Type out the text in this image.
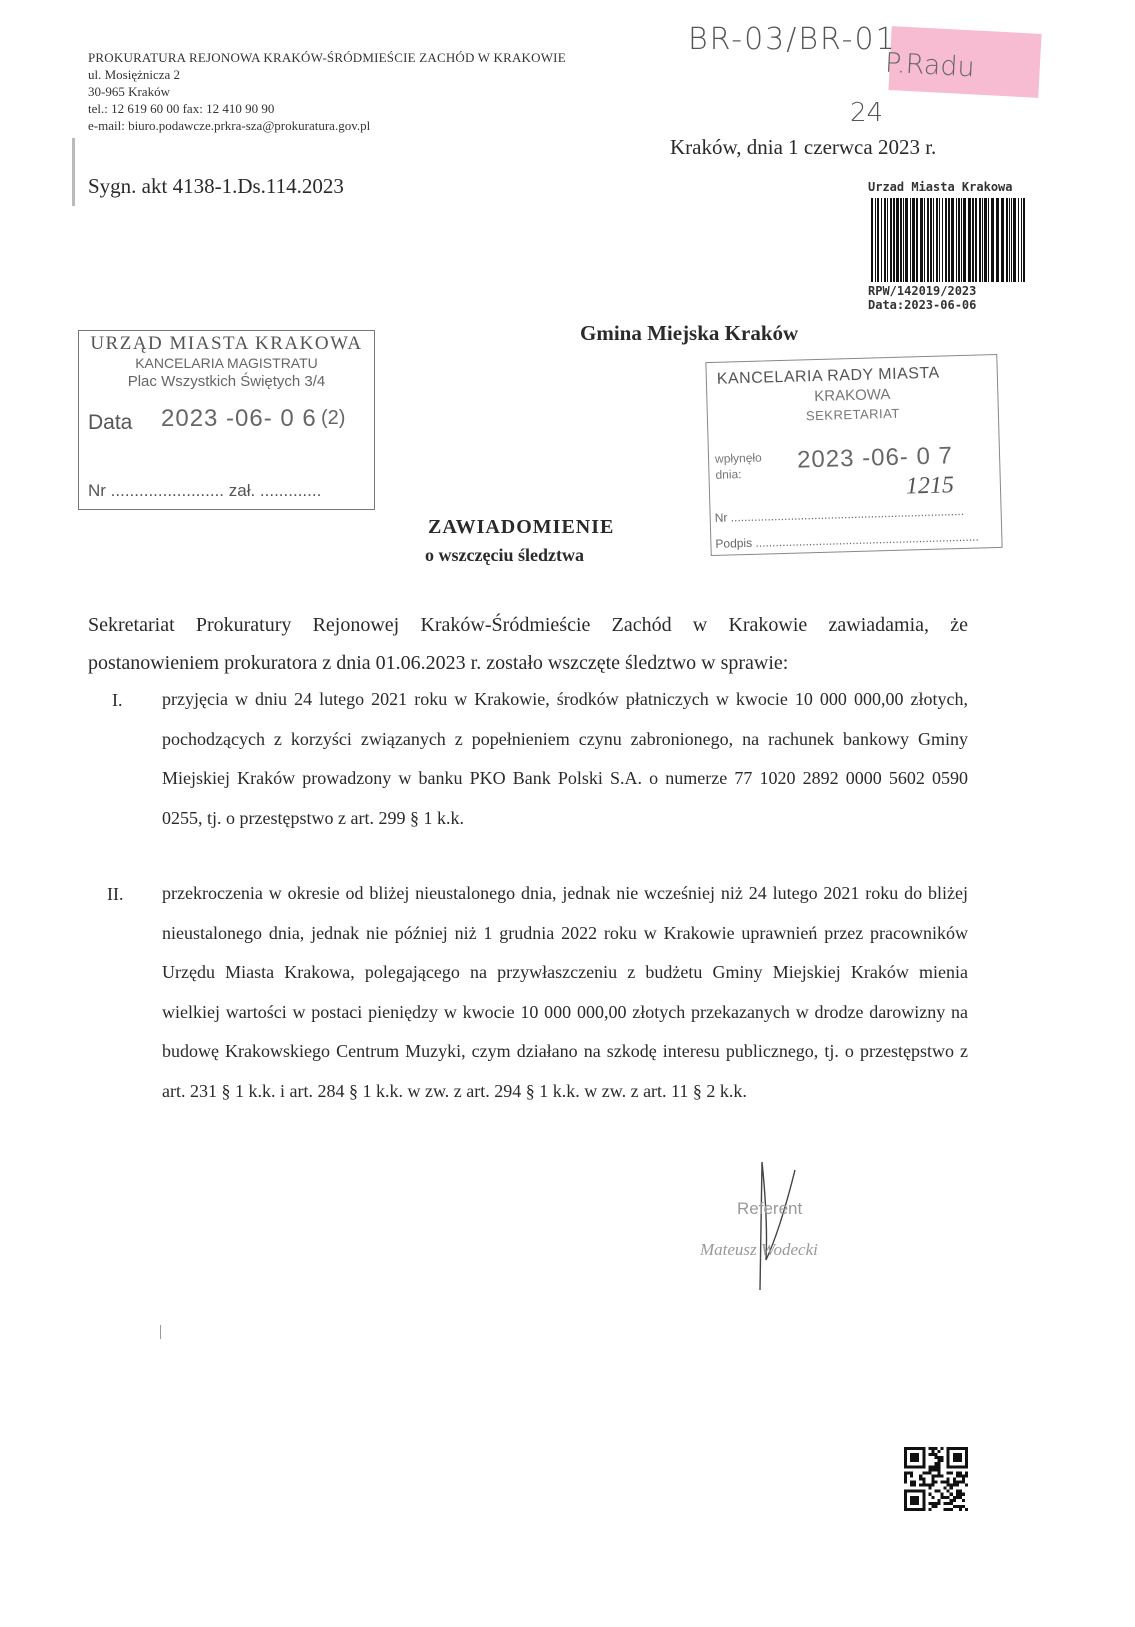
PROKURATURA REJONOWA KRAKÓW-ŚRÓDMIEŚCIE ZACHÓD W KRAKOWIE
ul. Mosiężnicza 2
30-965 Kraków
tel.: 12 619 60 00 fax: 12 410 90 90
e-mail: biuro.podawcze.prkra-sza@prokuratura.gov.pl
BR-03/BR-01
P.Radu
24
Kraków, dnia 1 czerwca 2023 r.
Sygn. akt 4138-1.Ds.114.2023	Urzad Miasta Krakowa
RPW/142019/2023
Data:2023-06-06
Gmina Miejska Kraków
URZĄD MIASTA KRAKOWA
KANCELARIA MAGISTRATU
Plac Wszystkich Świętych 3/4
Data 2023 -06- 0 6 (2)
Nr ........................ zał. .............
KANCELARIA RADY MIASTA
KRAKOWA
SEKRETARIAT
wpłynęło dnia:
2023 -06- 0 7
1215
Nr ......................................................................
Podpis ...................................................................
ZAWIADOMIENIE
o wszczęciu śledztwa
Sekretariat Prokuratury Rejonowej Kraków-Śródmieście Zachód w Krakowie zawiadamia, że postanowieniem prokuratora z dnia 01.06.2023 r. zostało wszczęte śledztwo w sprawie:
I. przyjęcia w dniu 24 lutego 2021 roku w Krakowie, środków płatniczych w kwocie 10 000 000,00 złotych, pochodzących z korzyści związanych z popełnieniem czynu zabronionego, na rachunek bankowy Gminy Miejskiej Kraków prowadzony w banku PKO Bank Polski S.A. o numerze 77 1020 2892 0000 5602 0590 0255, tj. o przestępstwo z art. 299 § 1 k.k.
II. przekroczenia w okresie od bliżej nieustalonego dnia, jednak nie wcześniej niż 24 lutego 2021 roku do bliżej nieustalonego dnia, jednak nie później niż 1 grudnia 2022 roku w Krakowie uprawnień przez pracowników Urzędu Miasta Krakowa, polegającego na przywłaszczeniu z budżetu Gminy Miejskiej Kraków mienia wielkiej wartości w postaci pieniędzy w kwocie 10 000 000,00 złotych przekazanych w drodze darowizny na budowę Krakowskiego Centrum Muzyki, czym działano na szkodę interesu publicznego, tj. o przestępstwo z art. 231 § 1 k.k. i art. 284 § 1 k.k. w zw. z art. 294 § 1 k.k. w zw. z art. 11 § 2 k.k.
Referent
Mateusz Wodecki
